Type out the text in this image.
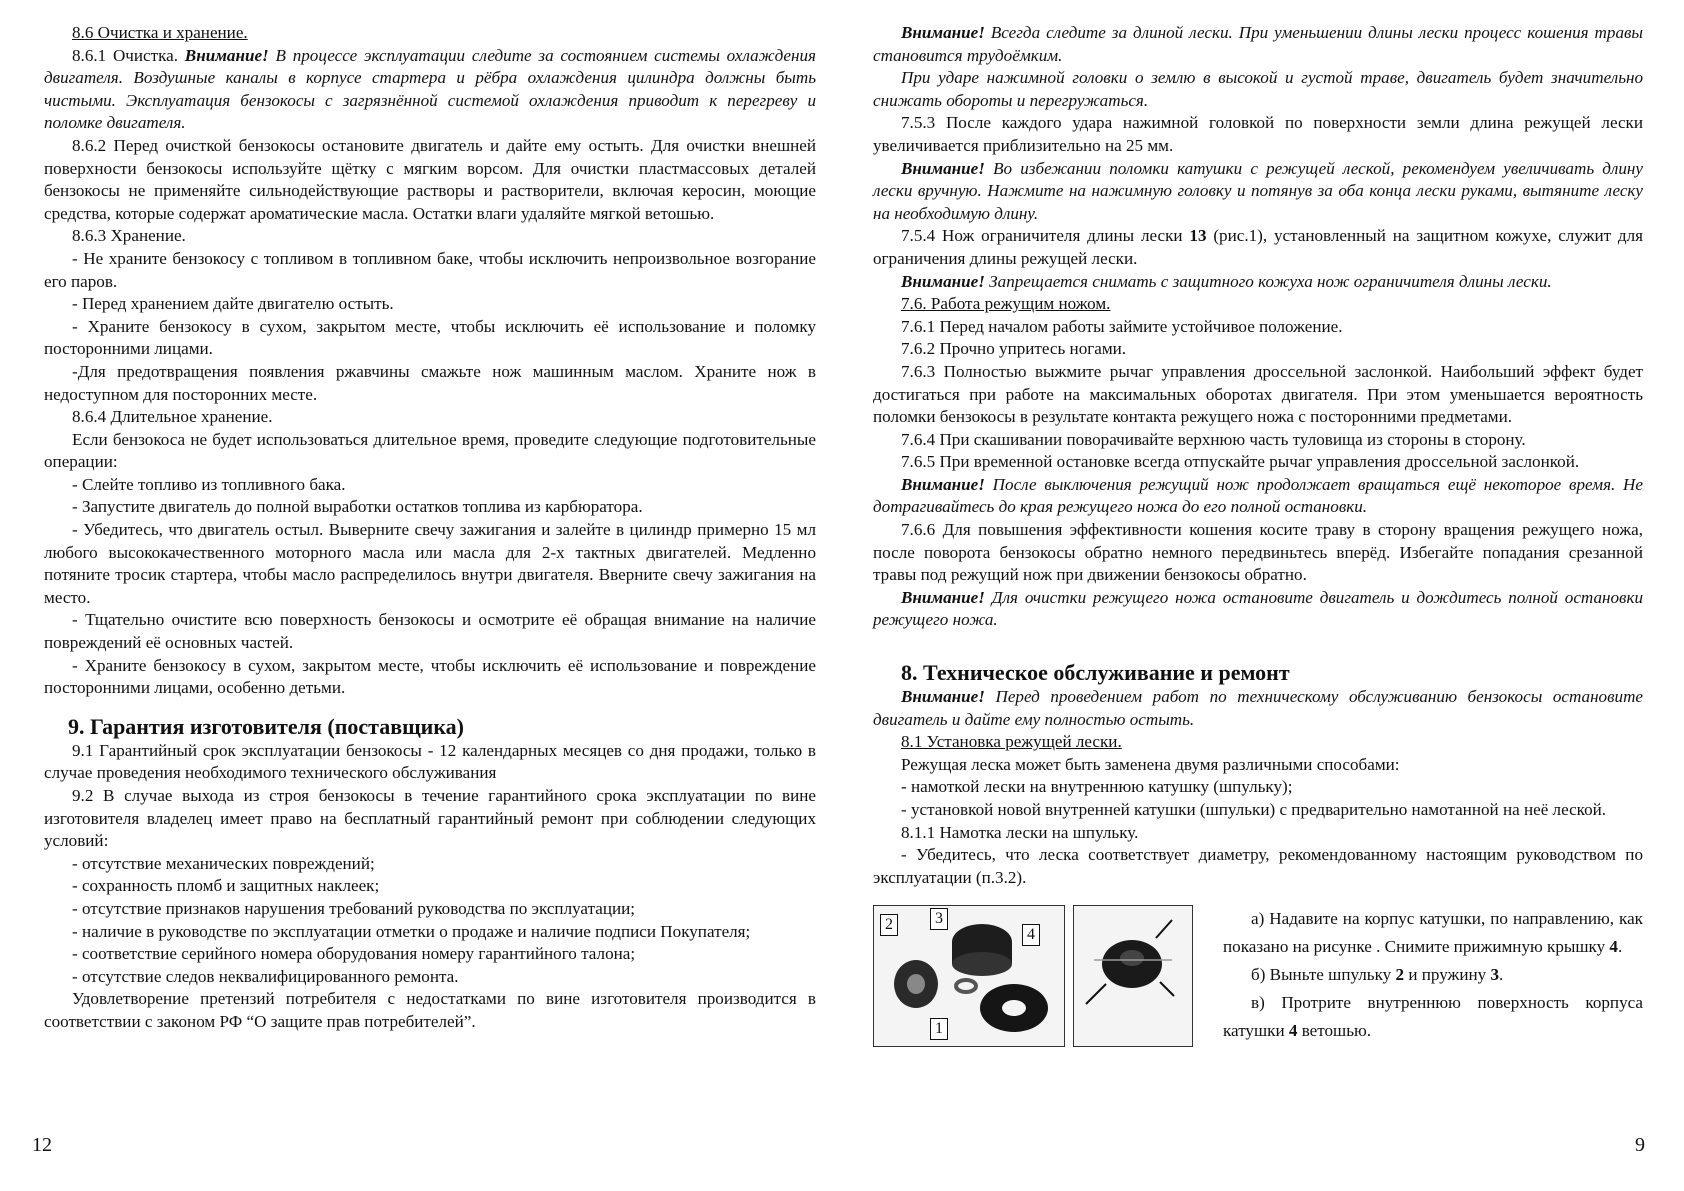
8.6 Очистка и хранение.

8.6.1 Очистка. Внимание! В процессе эксплуатации следите за состоянием системы охлаждения двигателя. Воздушные каналы в корпусе стартера и рёбра охлаждения цилиндра должны быть чистыми. Эксплуатация бензокосы с загрязнённой системой охлаждения приводит к перегреву и поломке двигателя.

8.6.2 Перед очисткой бензокосы остановите двигатель и дайте ему остыть. Для очистки внешней поверхности бензокосы используйте щётку с мягким ворсом. Для очистки пластмассовых деталей бензокосы не применяйте сильнодействующие растворы и растворители, включая керосин, моющие средства, которые содержат ароматические масла. Остатки влаги удаляйте мягкой ветошью.

8.6.3 Хранение.

- Не храните бензокосу с топливом в топливном баке, чтобы исключить непроизвольное возгорание его паров.

- Перед хранением дайте двигателю остыть.

- Храните бензокосу в сухом, закрытом месте, чтобы исключить её использование и поломку посторонними лицами.

-Для предотвращения появления ржавчины смажьте нож машинным маслом. Храните нож в недоступном для посторонних месте.

8.6.4 Длительное хранение.

Если бензокоса не будет использоваться длительное время, проведите следующие подготовительные операции:

- Слейте топливо из топливного бака.

- Запустите двигатель до полной выработки остатков топлива из карбюратора.

- Убедитесь, что двигатель остыл. Выверните свечу зажигания и залейте в цилиндр примерно 15 мл любого высококачественного моторного масла или масла для 2-х тактных двигателей. Медленно потяните тросик стартера, чтобы масло распределилось внутри двигателя. Вверните свечу зажигания на место.

- Тщательно очистите всю поверхность бензокосы и осмотрите её обращая внимание на наличие повреждений её основных частей.

- Храните бензокосу в сухом, закрытом месте, чтобы исключить её использование и повреждение посторонними лицами, особенно детьми.

9. Гарантия изготовителя (поставщика)

9.1 Гарантийный срок эксплуатации бензокосы - 12 календарных месяцев со дня продажи, только в случае проведения необходимого технического обслуживания

9.2 В случае выхода из строя бензокосы в течение гарантийного срока эксплуатации по вине изготовителя владелец имеет право на бесплатный гарантийный ремонт при соблюдении следующих условий:

- отсутствие механических повреждений;

- сохранность пломб и защитных наклеек;

- отсутствие признаков нарушения требований руководства по эксплуатации;

- наличие в руководстве по эксплуатации отметки о продаже и наличие подписи Покупателя;

- соответствие серийного номера оборудования номеру гарантийного талона;

- отсутствие следов неквалифицированного ремонта.

Удовлетворение претензий потребителя с недостатками по вине изготовителя производится в соответствии с законом РФ “О защите прав потребителей”.

12

Внимание! Всегда следите за длиной лески. При уменьшении длины лески процесс кошения травы становится трудоёмким.

При ударе нажимной головки о землю в высокой и густой траве, двигатель будет значительно снижать обороты и перегружаться.

7.5.3 После каждого удара нажимной головкой по поверхности земли длина режущей лески увеличивается приблизительно на 25 мм.

Внимание! Во избежании поломки катушки с режущей леской, рекомендуем увеличивать длину лески вручную. Нажмите на нажимную головку и потянув за оба конца лески руками, вытяните леску на необходимую длину.

7.5.4 Нож ограничителя длины лески 13 (рис.1), установленный на защитном кожухе, служит для ограничения длины режущей лески.

Внимание! Запрещается снимать с защитного кожуха нож ограничителя длины лески.

7.6. Работа режущим ножом.

7.6.1 Перед началом работы займите устойчивое положение.

7.6.2 Прочно упритесь ногами.

7.6.3 Полностью выжмите рычаг управления дроссельной заслонкой. Наибольший эффект будет достигаться при работе на максимальных оборотах двигателя. При этом уменьшается вероятность поломки бензокосы в результате контакта режущего ножа с посторонними предметами.

7.6.4 При скашивании поворачивайте верхнюю часть туловища из стороны в сторону.

7.6.5 При временной остановке всегда отпускайте рычаг управления дроссельной заслонкой.

Внимание! После выключения режущий нож продолжает вращаться ещё некоторое время. Не дотрагивайтесь до края режущего ножа до его полной остановки.

7.6.6 Для повышения эффективности кошения косите траву в сторону вращения режущего ножа, после поворота бензокосы обратно немного передвиньтесь вперёд. Избегайте попадания срезанной травы под режущий нож при движении бензокосы обратно.

Внимание! Для очистки режущего ножа остановите двигатель и дождитесь полной остановки режущего ножа.

8. Техническое обслуживание и ремонт

Внимание! Перед проведением работ по техническому обслуживанию бензокосы остановите двигатель и дайте ему полностью остыть.

8.1 Установка режущей лески.

Режущая леска может быть заменена двумя различными способами:

- намоткой лески на внутреннюю катушку (шпульку);

- установкой новой внутренней катушки (шпульки) с предварительно намотанной на неё леской.

8.1.1 Намотка лески на шпульку.

- Убедитесь, что леска соответствует диаметру, рекомендованному настоящим руководством по эксплуатации (п.3.2).

2	3
4
1

а) Надавите на корпус катушки, по направлению, как показано на рисунке . Снимите прижимную крышку 4.

б) Выньте шпульку 2 и пружину 3.

в) Протрите внутреннюю поверхность корпуса катушки 4 ветошью.

9
